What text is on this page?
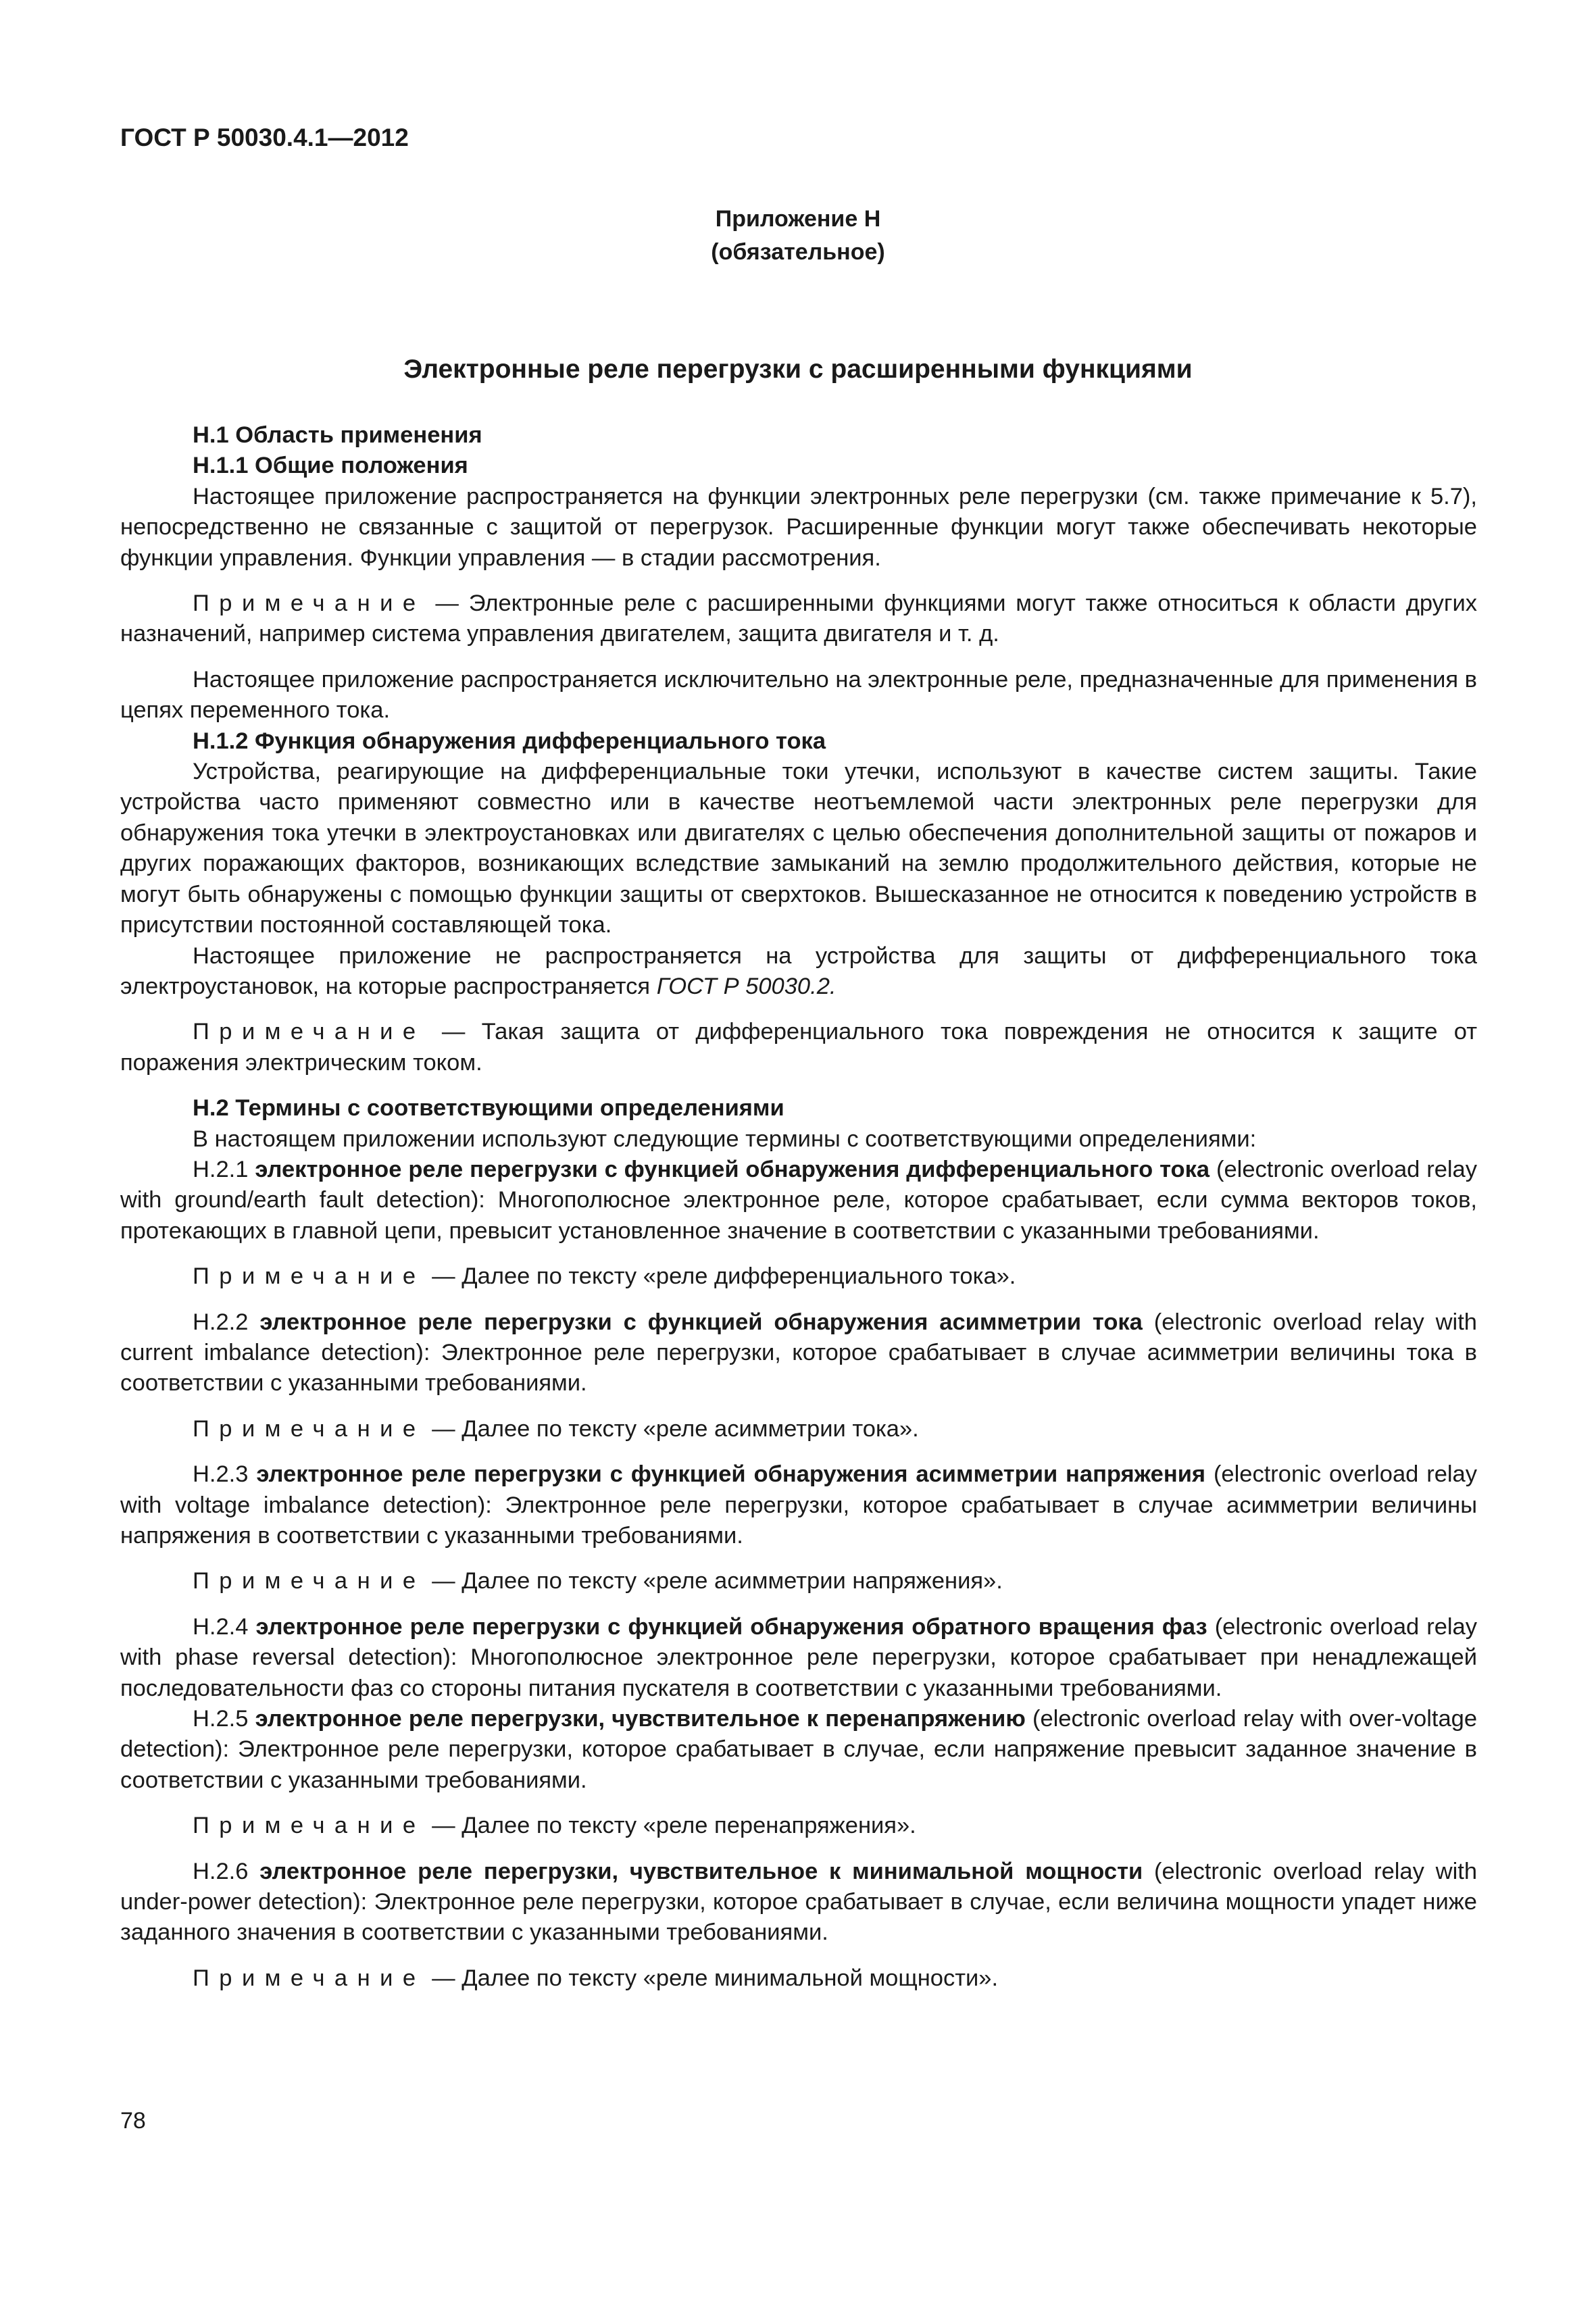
ГОСТ Р 50030.4.1—2012
Приложение Н
(обязательное)
Электронные реле перегрузки с расширенными функциями

Н.1 Область применения

Н.1.1 Общие положения

Настоящее приложение распространяется на функции электронных реле перегрузки (см. также примечание к 5.7), непосредственно не связанные с защитой от перегрузок. Расширенные функции могут также обеспечивать некоторые функции управления. Функции управления — в стадии рассмотрения.

Примечание — Электронные реле с расширенными функциями могут также относиться к области других назначений, например система управления двигателем, защита двигателя и т. д.

Настоящее приложение распространяется исключительно на электронные реле, предназначенные для применения в цепях переменного тока.

Н.1.2 Функция обнаружения дифференциального тока

Устройства, реагирующие на дифференциальные токи утечки, используют в качестве систем защиты. Такие устройства часто применяют совместно или в качестве неотъемлемой части электронных реле перегрузки для обнаружения тока утечки в электроустановках или двигателях с целью обеспечения дополнительной защиты от пожаров и других поражающих факторов, возникающих вследствие замыканий на землю продолжительного действия, которые не могут быть обнаружены с помощью функции защиты от сверхтоков. Вышесказанное не относится к поведению устройств в присутствии постоянной составляющей тока.

Настоящее приложение не распространяется на устройства для защиты от дифференциального тока электроустановок, на которые распространяется ГОСТ Р 50030.2.

Примечание — Такая защита от дифференциального тока повреждения не относится к защите от поражения электрическим током.

Н.2 Термины с соответствующими определениями

В настоящем приложении используют следующие термины с соответствующими определениями:

Н.2.1 электронное реле перегрузки с функцией обнаружения дифференциального тока (electronic overload relay with ground/earth fault detection): Многополюсное электронное реле, которое срабатывает, если сумма векторов токов, протекающих в главной цепи, превысит установленное значение в соответствии с указанными требованиями.

Примечание — Далее по тексту «реле дифференциального тока».

Н.2.2 электронное реле перегрузки с функцией обнаружения асимметрии тока (electronic overload relay with current imbalance detection): Электронное реле перегрузки, которое срабатывает в случае асимметрии величины тока в соответствии с указанными требованиями.

Примечание — Далее по тексту «реле асимметрии тока».

Н.2.3 электронное реле перегрузки с функцией обнаружения асимметрии напряжения (electronic overload relay with voltage imbalance detection): Электронное реле перегрузки, которое срабатывает в случае асимметрии величины напряжения в соответствии с указанными требованиями.

Примечание — Далее по тексту «реле асимметрии напряжения».

Н.2.4 электронное реле перегрузки с функцией обнаружения обратного вращения фаз (electronic overload relay with phase reversal detection): Многополюсное электронное реле перегрузки, которое срабатывает при ненадлежащей последовательности фаз со стороны питания пускателя в соответствии с указанными требованиями.

Н.2.5 электронное реле перегрузки, чувствительное к перенапряжению (electronic overload relay with over-voltage detection): Электронное реле перегрузки, которое срабатывает в случае, если напряжение превысит заданное значение в соответствии с указанными требованиями.

Примечание — Далее по тексту «реле перенапряжения».

Н.2.6 электронное реле перегрузки, чувствительное к минимальной мощности (electronic overload relay with under-power detection): Электронное реле перегрузки, которое срабатывает в случае, если величина мощности упадет ниже заданного значения в соответствии с указанными требованиями.

Примечание — Далее по тексту «реле минимальной мощности».

78
